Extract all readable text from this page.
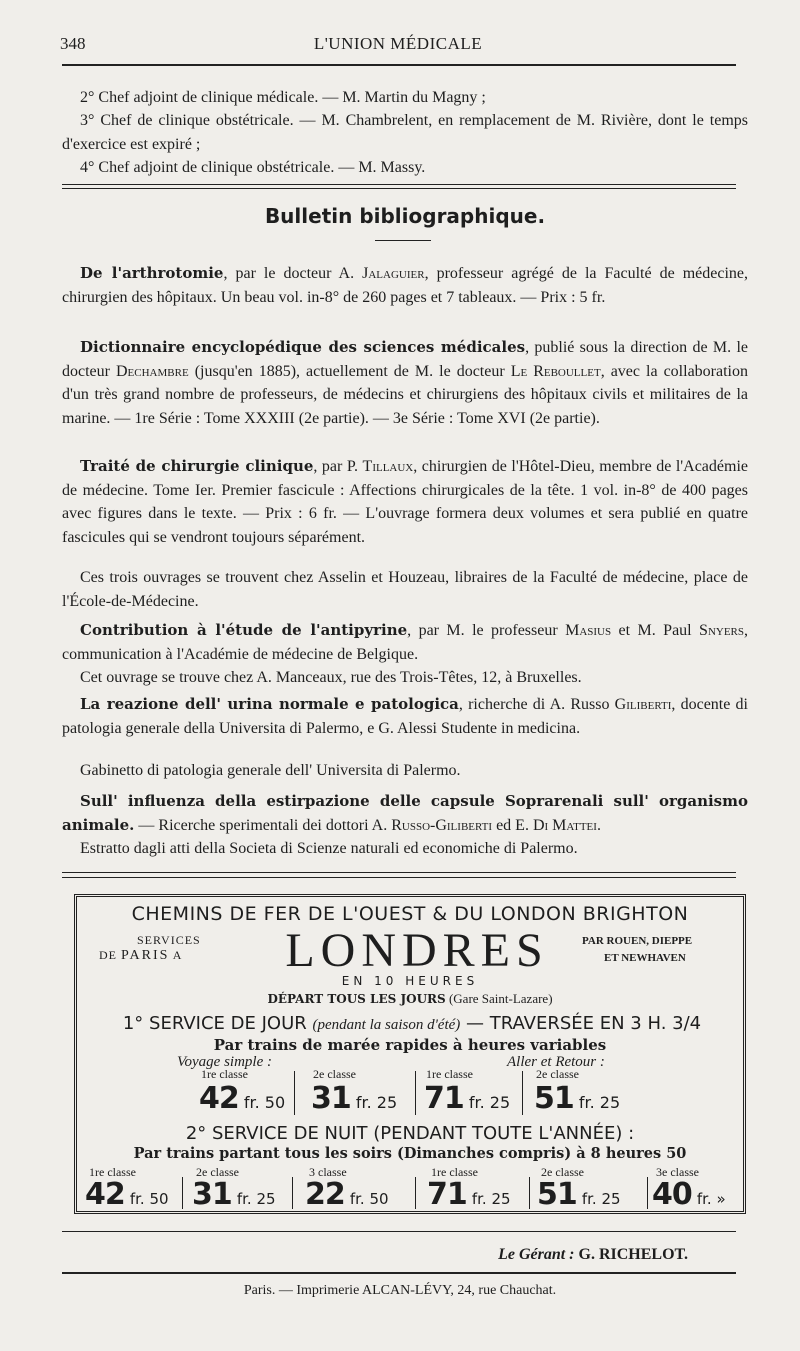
348	L'UNION MÉDICALE

2° Chef adjoint de clinique médicale. — M. Martin du Magny ;

3° Chef de clinique obstétricale. — M. Chambrelent, en remplacement de M. Rivière, dont le temps d'exercice est expiré ;

4° Chef adjoint de clinique obstétricale. — M. Massy.

Bulletin bibliographique.

De l'arthrotomie, par le docteur A. Jalaguier, professeur agrégé de la Faculté de médecine, chirurgien des hôpitaux. Un beau vol. in-8° de 260 pages et 7 tableaux. — Prix : 5 fr.

Dictionnaire encyclopédique des sciences médicales, publié sous la direction de M. le docteur Dechambre (jusqu'en 1885), actuellement de M. le docteur Le Reboullet, avec la collaboration d'un très grand nombre de professeurs, de médecins et chirurgiens des hôpitaux civils et militaires de la marine. — 1re Série : Tome XXXIII (2e partie). — 3e Série : Tome XVI (2e partie).

Traité de chirurgie clinique, par P. Tillaux, chirurgien de l'Hôtel-Dieu, membre de l'Académie de médecine. Tome Ier. Premier fascicule : Affections chirurgicales de la tête. 1 vol. in-8° de 400 pages avec figures dans le texte. — Prix : 6 fr. — L'ouvrage formera deux volumes et sera publié en quatre fascicules qui se vendront toujours séparément.

Ces trois ouvrages se trouvent chez Asselin et Houzeau, libraires de la Faculté de médecine, place de l'École-de-Médecine.

Contribution à l'étude de l'antipyrine, par M. le professeur Masius et M. Paul Snyers, communication à l'Académie de médecine de Belgique.

Cet ouvrage se trouve chez A. Manceaux, rue des Trois-Têtes, 12, à Bruxelles.

La reazione dell' urina normale e patologica, richerche di A. Russo Giliberti, docente di patologia generale della Universita di Palermo, e G. Alessi Studente in medicina.

Gabinetto di patologia generale dell' Universita di Palermo.

Sull' influenza della estirpazione delle capsule Soprarenali sull' organismo animale. — Ricerche sperimentali dei dottori A. Russo-Giliberti ed E. Di Mattei.

Estratto dagli atti della Societa di Scienze naturali ed economiche di Palermo.

CHEMINS DE FER DE L'OUEST & DU LONDON BRIGHTON
SERVICES
DE PARIS A	LONDRES	PAR ROUEN, DIEPPE
ET NEWHAVEN
EN 10 HEURES
DÉPART TOUS LES JOURS (Gare Saint-Lazare)
1° SERVICE DE JOUR (pendant la saison d'été) — TRAVERSÉE EN 3 H. 3/4
Par trains de marée rapides à heures variables
Voyage simple :	Aller et Retour :
1re classe
42 fr. 50
2e classe
31 fr. 25
1re classe
71 fr. 25
2e classe
51 fr. 25
2° SERVICE DE NUIT (PENDANT TOUTE L'ANNÉE) :
Par trains partant tous les soirs (Dimanches compris) à 8 heures 50
1re classe
42 fr. 50
2e classe
31 fr. 25
3 classe
22 fr. 50
1re classe
71 fr. 25
2e classe
51 fr. 25
3e classe
40 fr. »
Le Gérant : G. RICHELOT.
Paris. — Imprimerie ALCAN-LÉVY, 24, rue Chauchat.
